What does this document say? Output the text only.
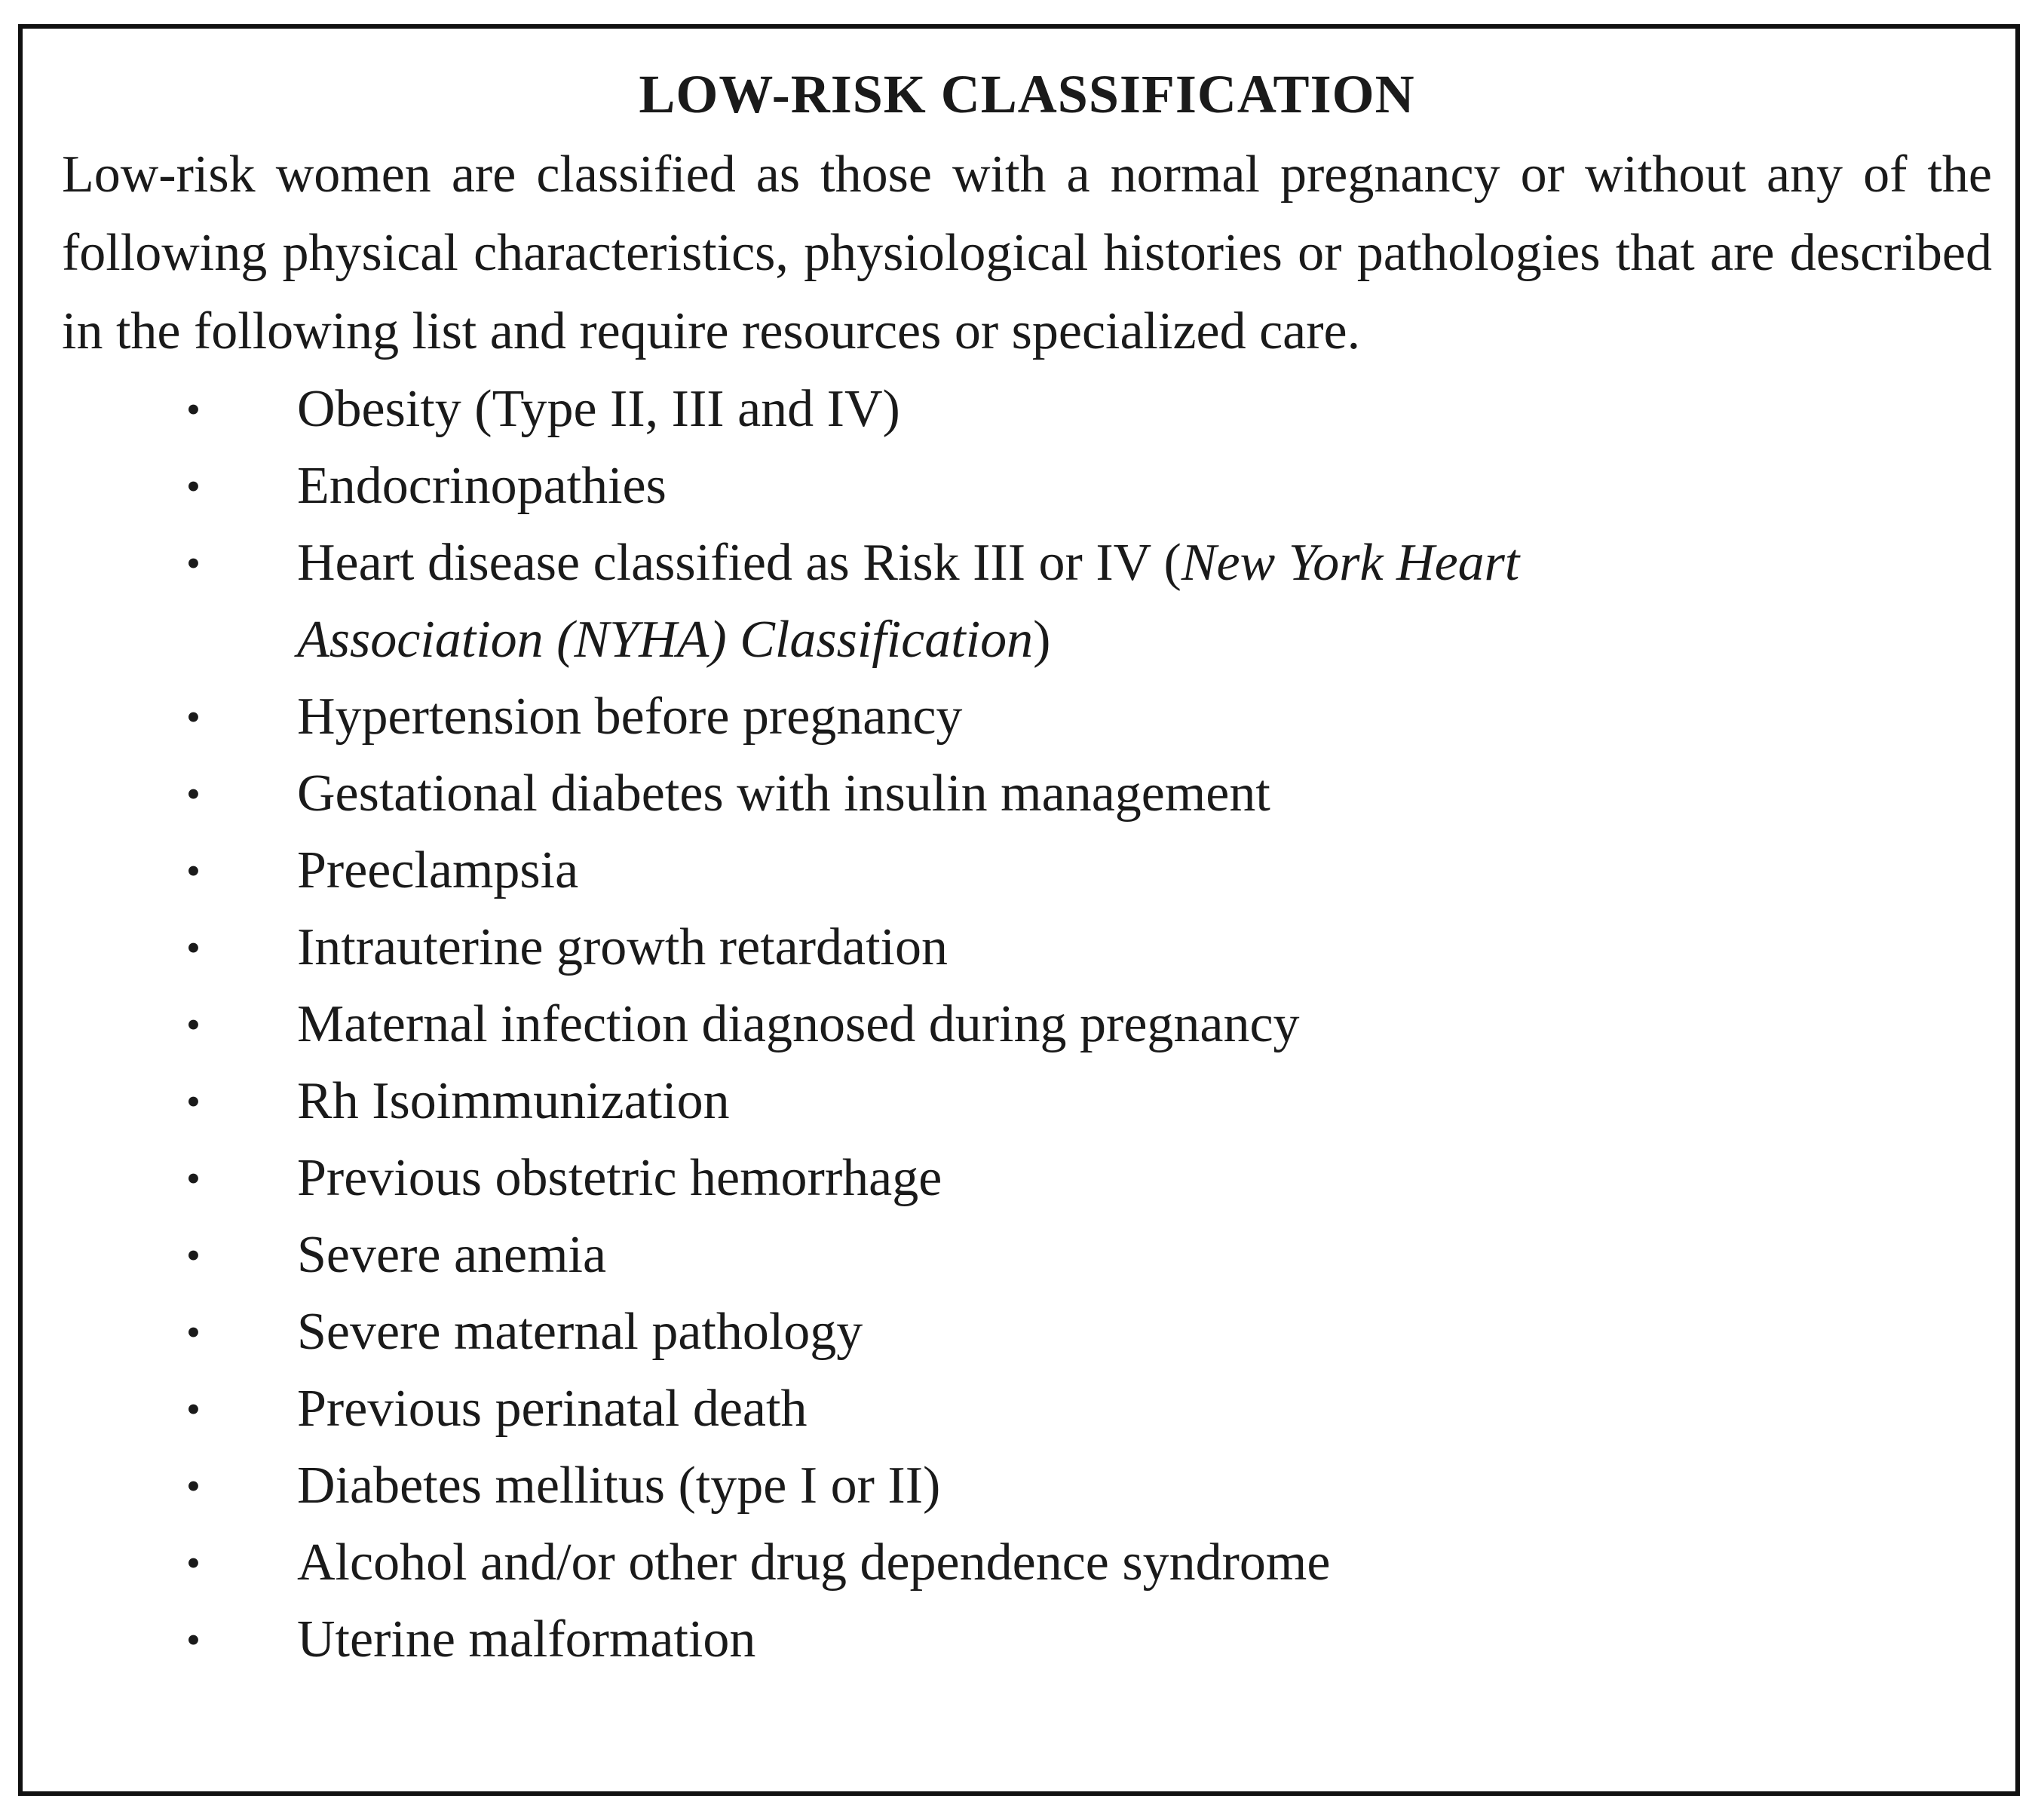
LOW-RISK CLASSIFICATION

Low-risk women are classified as those with a normal pregnancy or without any of the following physical characteristics, physiological histories or pathologies that are described in the following list and require resources or specialized care.

• Obesity (Type II, III and IV)
• Endocrinopathies
• Heart disease classified as Risk III or IV (New York Heart Association (NYHA) Classification)
• Hypertension before pregnancy
• Gestational diabetes with insulin management
• Preeclampsia
• Intrauterine growth retardation
• Maternal infection diagnosed during pregnancy
• Rh Isoimmunization
• Previous obstetric hemorrhage
• Severe anemia
• Severe maternal pathology
• Previous perinatal death
• Diabetes mellitus (type I or II)
• Alcohol and/or other drug dependence syndrome
• Uterine malformation
